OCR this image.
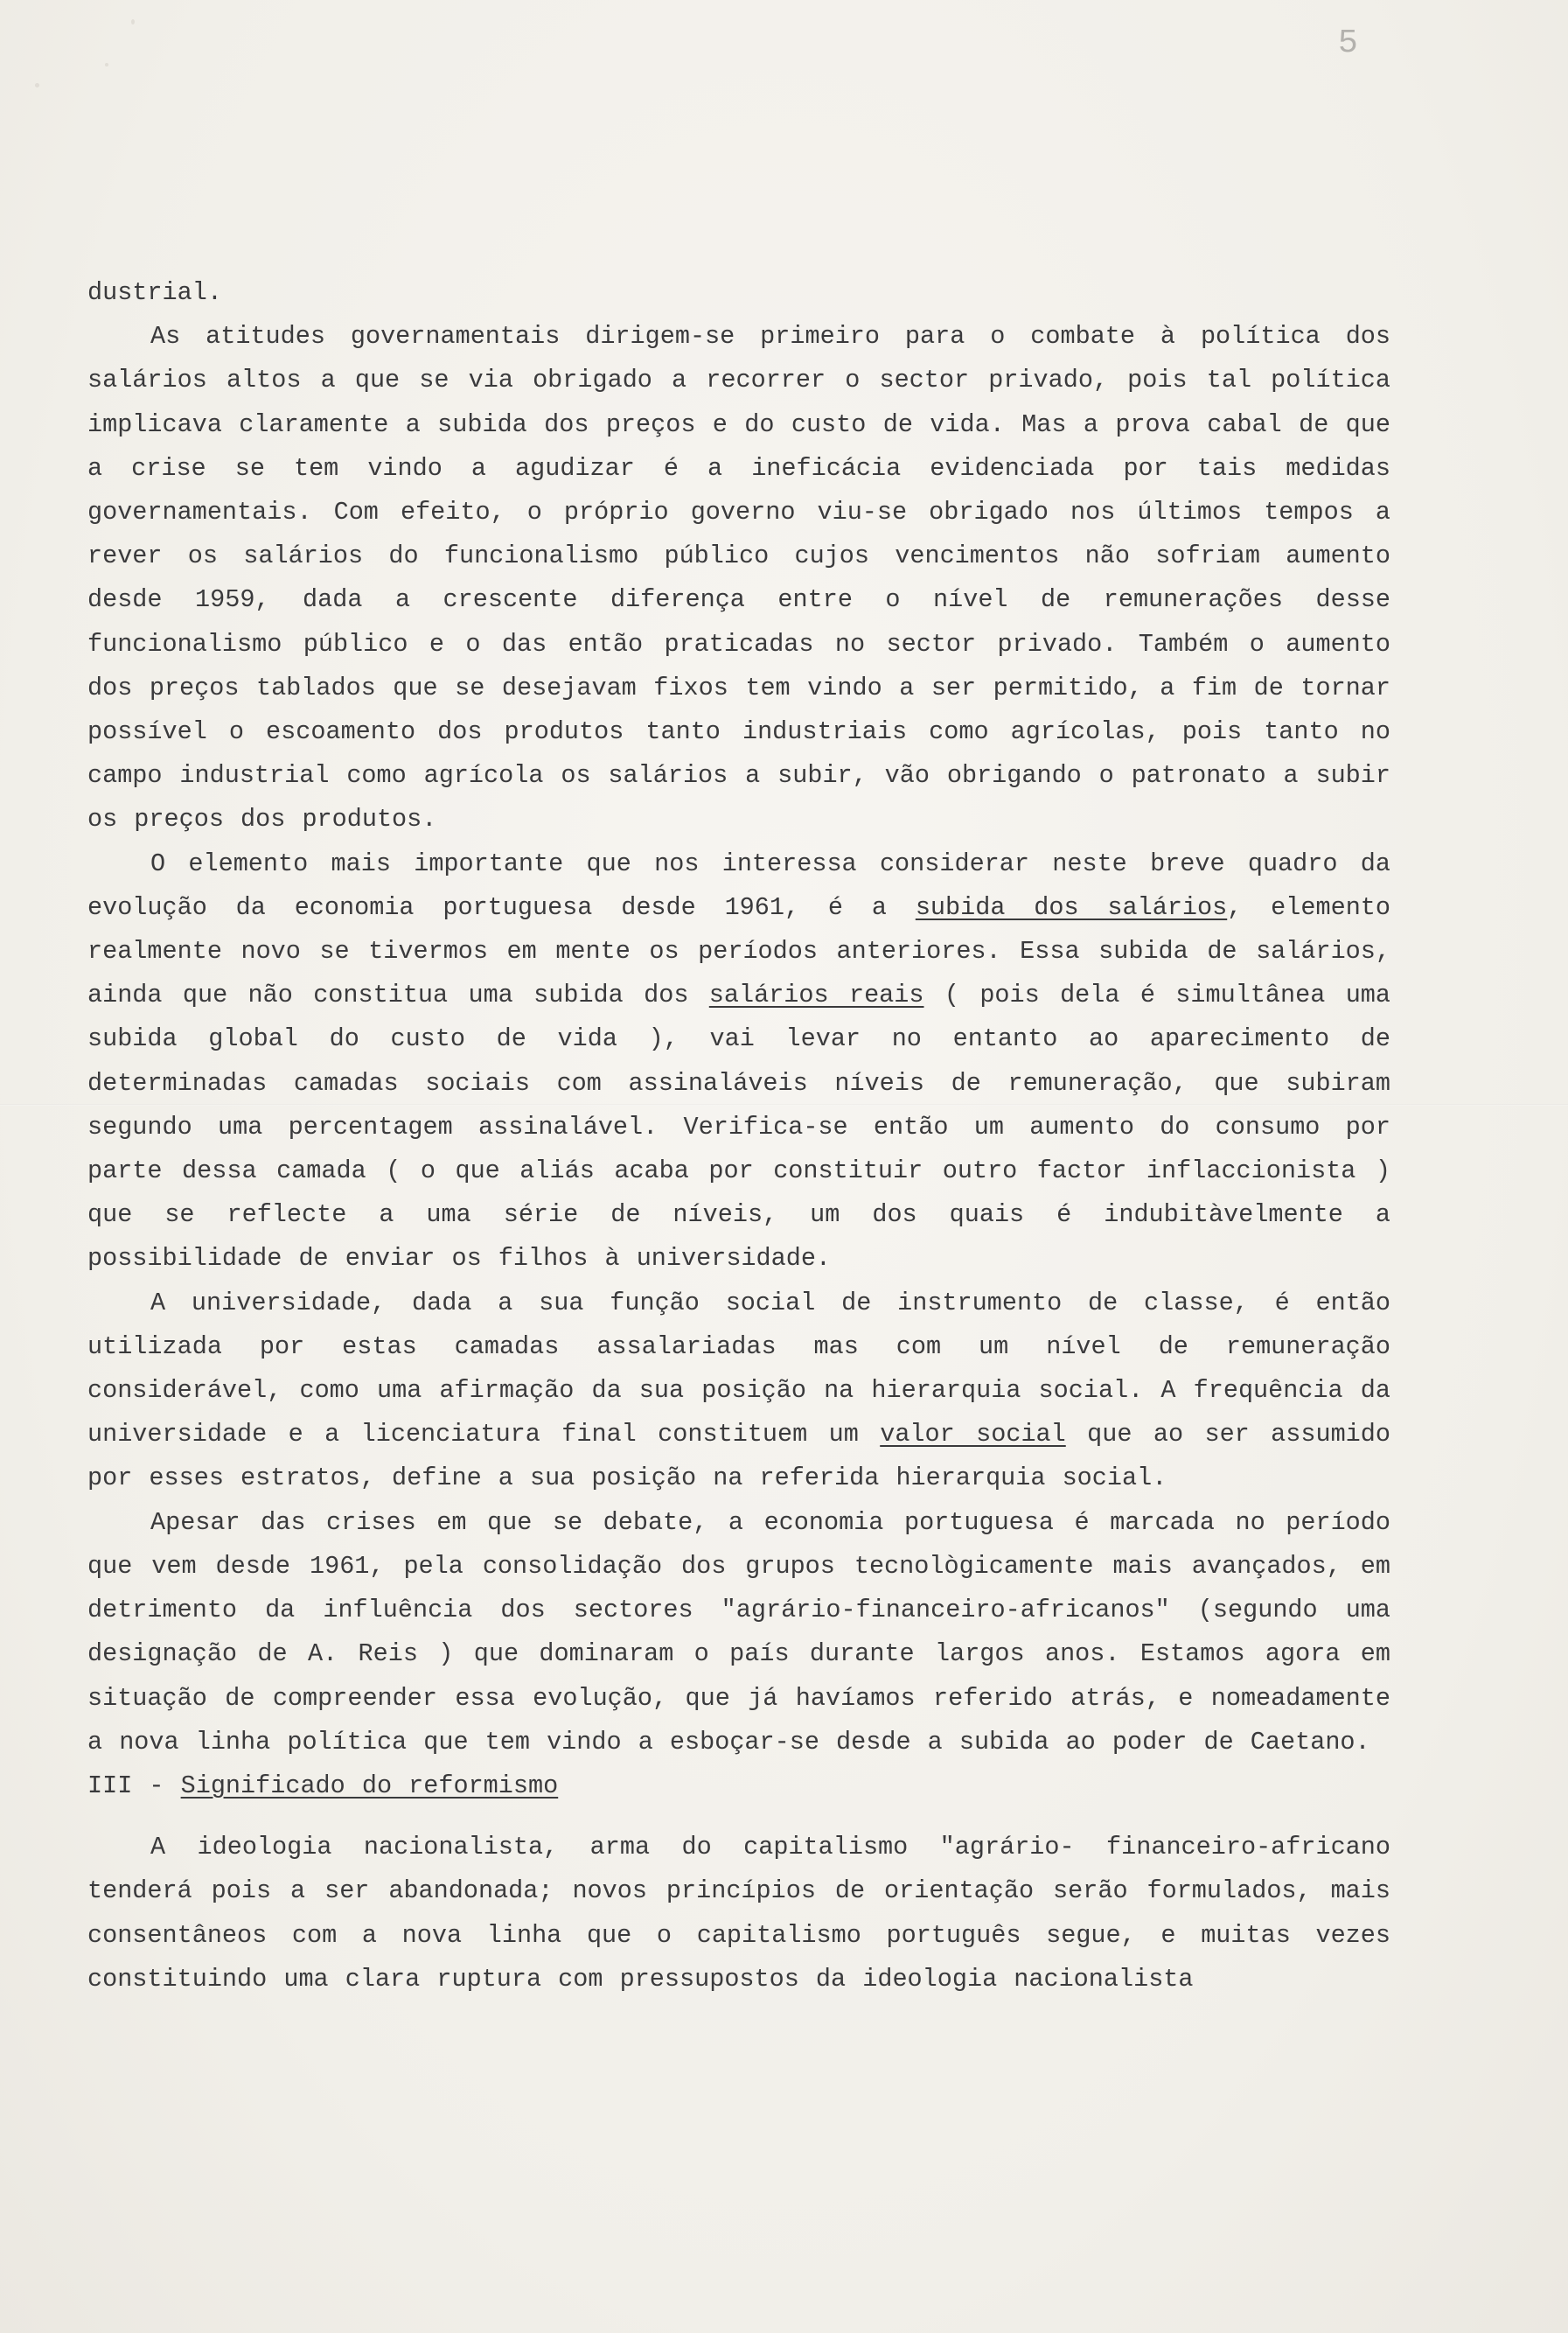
5

dustrial.

As atitudes governamentais dirigem-se primeiro para o combate à política dos salários altos a que se via obrigado a recorrer o sector privado, pois tal política implicava claramente a subida dos preços e do custo de vida. Mas a prova cabal de que a crise se tem vindo a agudizar é a ineficácia evidenciada por tais medidas governamentais. Com efeito, o próprio governo viu-se obrigado nos últimos tempos a rever os salários do funcionalismo público cujos vencimentos não sofriam aumento desde 1959, dada a crescente diferença entre o nível de remunerações desse funcionalismo público e o das então praticadas no sector privado. Também o aumento dos preços tablados que se desejavam fixos tem vindo a ser permitido, a fim de tornar possível o escoamento dos produtos tanto industriais como agrícolas, pois tanto no campo industrial como agrícola os salários a subir, vão obrigando o patronato a subir os preços dos produtos.

O elemento mais importante que nos interessa considerar neste breve quadro da evolução da economia portuguesa desde 1961, é a subida dos salários, elemento realmente novo se tivermos em mente os períodos anteriores. Essa subida de salários, ainda que não constitua uma subida dos salários reais ( pois dela é simultânea uma subida global do custo de vida ), vai levar no entanto ao aparecimento de determinadas camadas sociais com assinaláveis níveis de remuneração, que subiram segundo uma percentagem assinalável. Verifica-se então um aumento do consumo por parte dessa camada ( o que aliás acaba por constituir outro factor inflaccionista ) que se reflecte a uma série de níveis, um dos quais é indubitàvelmente a possibilidade de enviar os filhos à universidade.

A universidade, dada a sua função social de instrumento de classe, é então utilizada por estas camadas assalariadas mas com um nível de remuneração considerável, como uma afirmação da sua posição na hierarquia social. A frequência da universidade e a licenciatura final constituem um valor social que ao ser assumido por esses estratos, define a sua posição na referida hierarquia social.

Apesar das crises em que se debate, a economia portuguesa é marcada no período que vem desde 1961, pela consolidação dos grupos tecnològicamente mais avançados, em detrimento da influência dos sectores "agrário-financeiro-africanos" (segundo uma designação de A. Reis ) que dominaram o país durante largos anos. Estamos agora em situação de compreender essa evolução, que já havíamos referido atrás, e nomeadamente a nova linha política que tem vindo a esboçar-se desde a subida ao poder de Caetano.

III - Significado do reformismo

A ideologia nacionalista, arma do capitalismo "agrário- financeiro-africano tenderá pois a ser abandonada; novos princípios de orientação serão formulados, mais consentâneos com a nova linha que o capitalismo português segue, e muitas vezes constituindo uma clara ruptura com pressupostos da ideologia nacionalista
